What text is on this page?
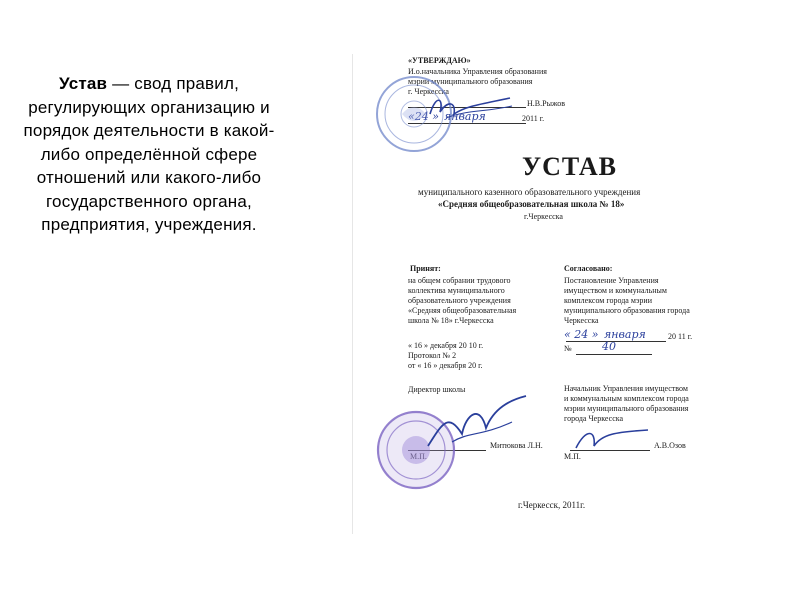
Устав — свод правил, регулирующих организацию и порядок деятельности в какой-либо определённой сфере отношений или какого-либо государственного органа, предприятия, учреждения.
«УТВЕРЖДАЮ»
И.о.начальника Управления образования
мэрии муниципального образования
г. Черкесска
Н.В.Рыжов
«24 » января	2011 г.
УСТАВ
муниципального казенного образовательного учреждения
«Средняя общеобразовательная школа № 18»
г.Черкесска
Принят:
на общем собрании трудового
коллектива муниципального
образовательного учреждения
«Средняя общеобразовательная
школа № 18» г.Черкесска
« 16 » декабря 20 10 г.
Протокол № 2
от « 16 » декабря 20 г.
Директор школы
Митюкова Л.Н.
М.П.
Согласовано:
Постановление Управления
имуществом и коммунальным
комплексом города мэрии
муниципального образования города
Черкесска
« 24 » января	20 11 г.
№	40
Начальник Управления имуществом
и коммунальным комплексом города
мэрии муниципального образования
города Черкесска
А.В.Озов
М.П.
г.Черкесск, 2011г.
